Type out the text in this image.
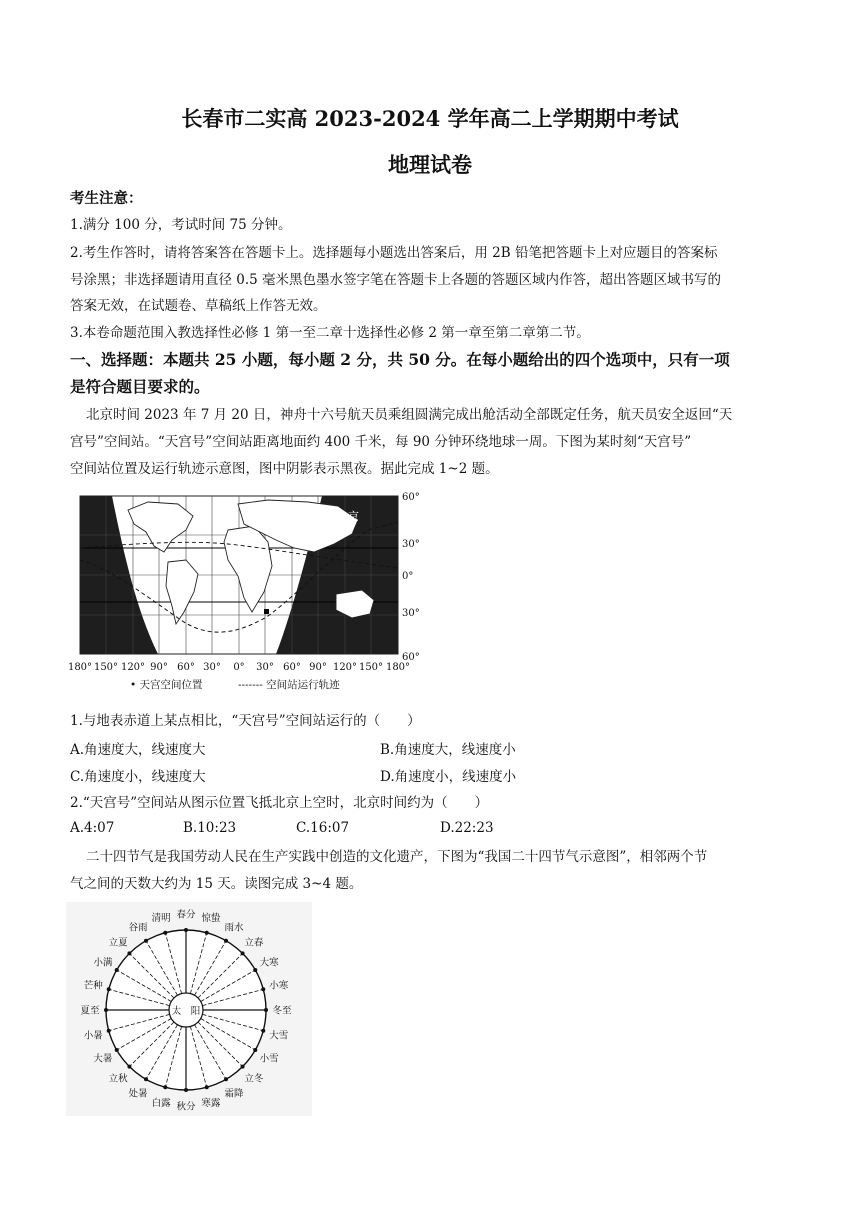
长春市二实高 2023-2024 学年高二上学期期中考试
地理试卷
考生注意：
1.满分 100 分，考试时间 75 分钟。
2.考生作答时，请将答案答在答题卡上。选择题每小题选出答案后，用 2B 铅笔把答题卡上对应题目的答案标
号涂黑；非选择题请用直径 0.5 毫米黑色墨水签字笔在答题卡上各题的答题区域内作答，超出答题区域书写的
答案无效，在试题卷、草稿纸上作答无效。
3.本卷命题范围入教选择性必修 1 第一至二章十选择性必修 2 第一章至第二章第二节。
一、选择题：本题共 25 小题，每小题 2 分，共 50 分。在每小题给出的四个选项中，只有一项
是符合题目要求的。
北京时间 2023 年 7 月 20 日，神舟十六号航天员乘组圆满完成出舱活动全部既定任务，航天员安全返回“天
宫号”空间站。“天宫号”空间站距离地面约 400 千米，每 90 分钟环绕地球一周。下图为某时刻“天宫号”
空间站位置及运行轨迹示意图，图中阴影表示黑夜。据此完成 1~2 题。
★
北京
60°
30°
0°
30°
60°
180° 150° 120° 90° 60° 30° 0° 30° 60° 90° 120° 150° 180°
• 天宫空间位置	------- 空间站运行轨迹
1.与地表赤道上某点相比，“天宫号”空间站运行的（　　）
A.角速度大，线速度大	B.角速度大，线速度小
C.角速度小，线速度大	D.角速度小，线速度小
2.“天宫号”空间站从图示位置飞抵北京上空时，北京时间约为（　　）
A.4:07	B.10:23	C.16:07	D.22:23
二十四节气是我国劳动人民在生产实践中创造的文化遗产，下图为“我国二十四节气示意图”，相邻两个节
气之间的天数大约为 15 天。读图完成 3~4 题。
太　阳
春分 惊蛰
雨水
立春
大寒
小寒
冬至
大雪
小雪
立冬
霜降
寒露
秋分
白露
处暑
立秋
大暑
小暑
夏至
芒种
小满
立夏
谷雨
清明
